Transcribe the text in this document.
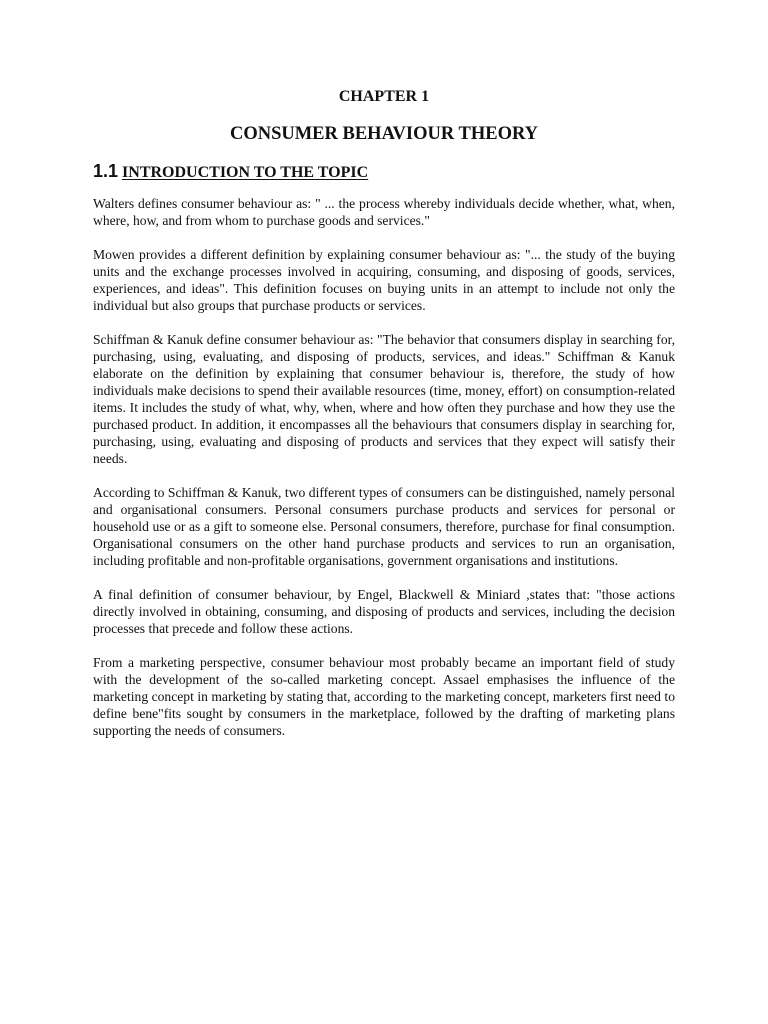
CHAPTER 1
CONSUMER BEHAVIOUR THEORY
1.1 INTRODUCTION TO THE TOPIC

Walters defines consumer behaviour as: " ... the process whereby individuals decide whether, what, when, where, how, and from whom to purchase goods and services."

Mowen provides a different definition by explaining consumer behaviour as: "... the study of the buying units and the exchange processes involved in acquiring, consuming, and disposing of goods, services, experiences, and ideas". This definition focuses on buying units in an attempt to include not only the individual but also groups that purchase products or services.

Schiffman & Kanuk define consumer behaviour as: "The behavior that consumers display in searching for, purchasing, using, evaluating, and disposing of products, services, and ideas." Schiffman & Kanuk elaborate on the definition by explaining that consumer behaviour is, therefore, the study of how individuals make decisions to spend their available resources (time, money, effort) on consumption-related items. It includes the study of what, why, when, where and how often they purchase and how they use the purchased product. In addition, it encompasses all the behaviours that consumers display in searching for, purchasing, using, evaluating and disposing of products and services that they expect will satisfy their needs.

According to Schiffman & Kanuk, two different types of consumers can be distinguished, namely personal and organisational consumers. Personal consumers purchase products and services for personal or household use or as a gift to someone else. Personal consumers, therefore, purchase for final consumption. Organisational consumers on the other hand purchase products and services to run an organisation, including profitable and non-profitable organisations, government organisations and institutions.

A final definition of consumer behaviour, by Engel, Blackwell & Miniard ,states that: "those actions directly involved in obtaining, consuming, and disposing of products and services, including the decision processes that precede and follow these actions.

From a marketing perspective, consumer behaviour most probably became an important field of study with the development of the so-called marketing concept. Assael emphasises the influence of the marketing concept in marketing by stating that, according to the marketing concept, marketers first need to define bene"fits sought by consumers in the marketplace, followed by the drafting of marketing plans supporting the needs of consumers.
